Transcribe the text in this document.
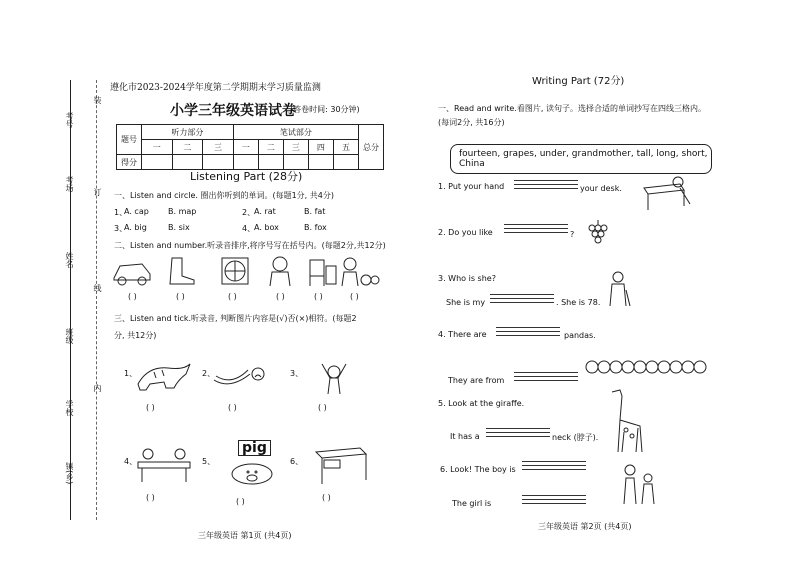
考号
考场
姓名
班级
学校
镇(乡)
装
订
线
内
遵化市2023-2024学年度第二学期期末学习质量监测
小学三年级英语试卷
(答卷时间: 30分钟)
题号	听力部分			笔试部分					总分
	一	二	三	一	二	三	四	五	
得分									
Listening Part (28分)
一、Listen and circle. 圈出你听到的单词。(每题1分, 共4分)
1、
A. cap B. map	2、
A. rat	B. fat
3、
A. big	B. six	4、
A. box	B. fox
二、Listen and number.听录音排序,将序号写在括号内。(每题2分,共12分)
( )	( )	( )	( )	( )	( )
三、Listen and tick.听录音, 判断图片内容是(√)否(×)相符。(每题2
分, 共12分)
1、	2、	3、
( )	( )	( )
4、	5、	6、
pig
( )	( )	( )
三年级英语 第1页 (共4页)
Writing Part (72分)
一、Read and write.看图片, 读句子。选择合适的单词抄写在四线三格内。
(每词2分, 共16分)
fourteen, grapes, under, grandmother, tall, long, short, China
1. Put your hand	your desk.
2. Do you like	?
3. Who is she?
She is my	. She is 78.
4. There are	pandas.
They are from
5. Look at the giraffe.
It has a	neck (脖子).
6. Look! The boy is
The girl is
三年级英语 第2页 (共4页)
